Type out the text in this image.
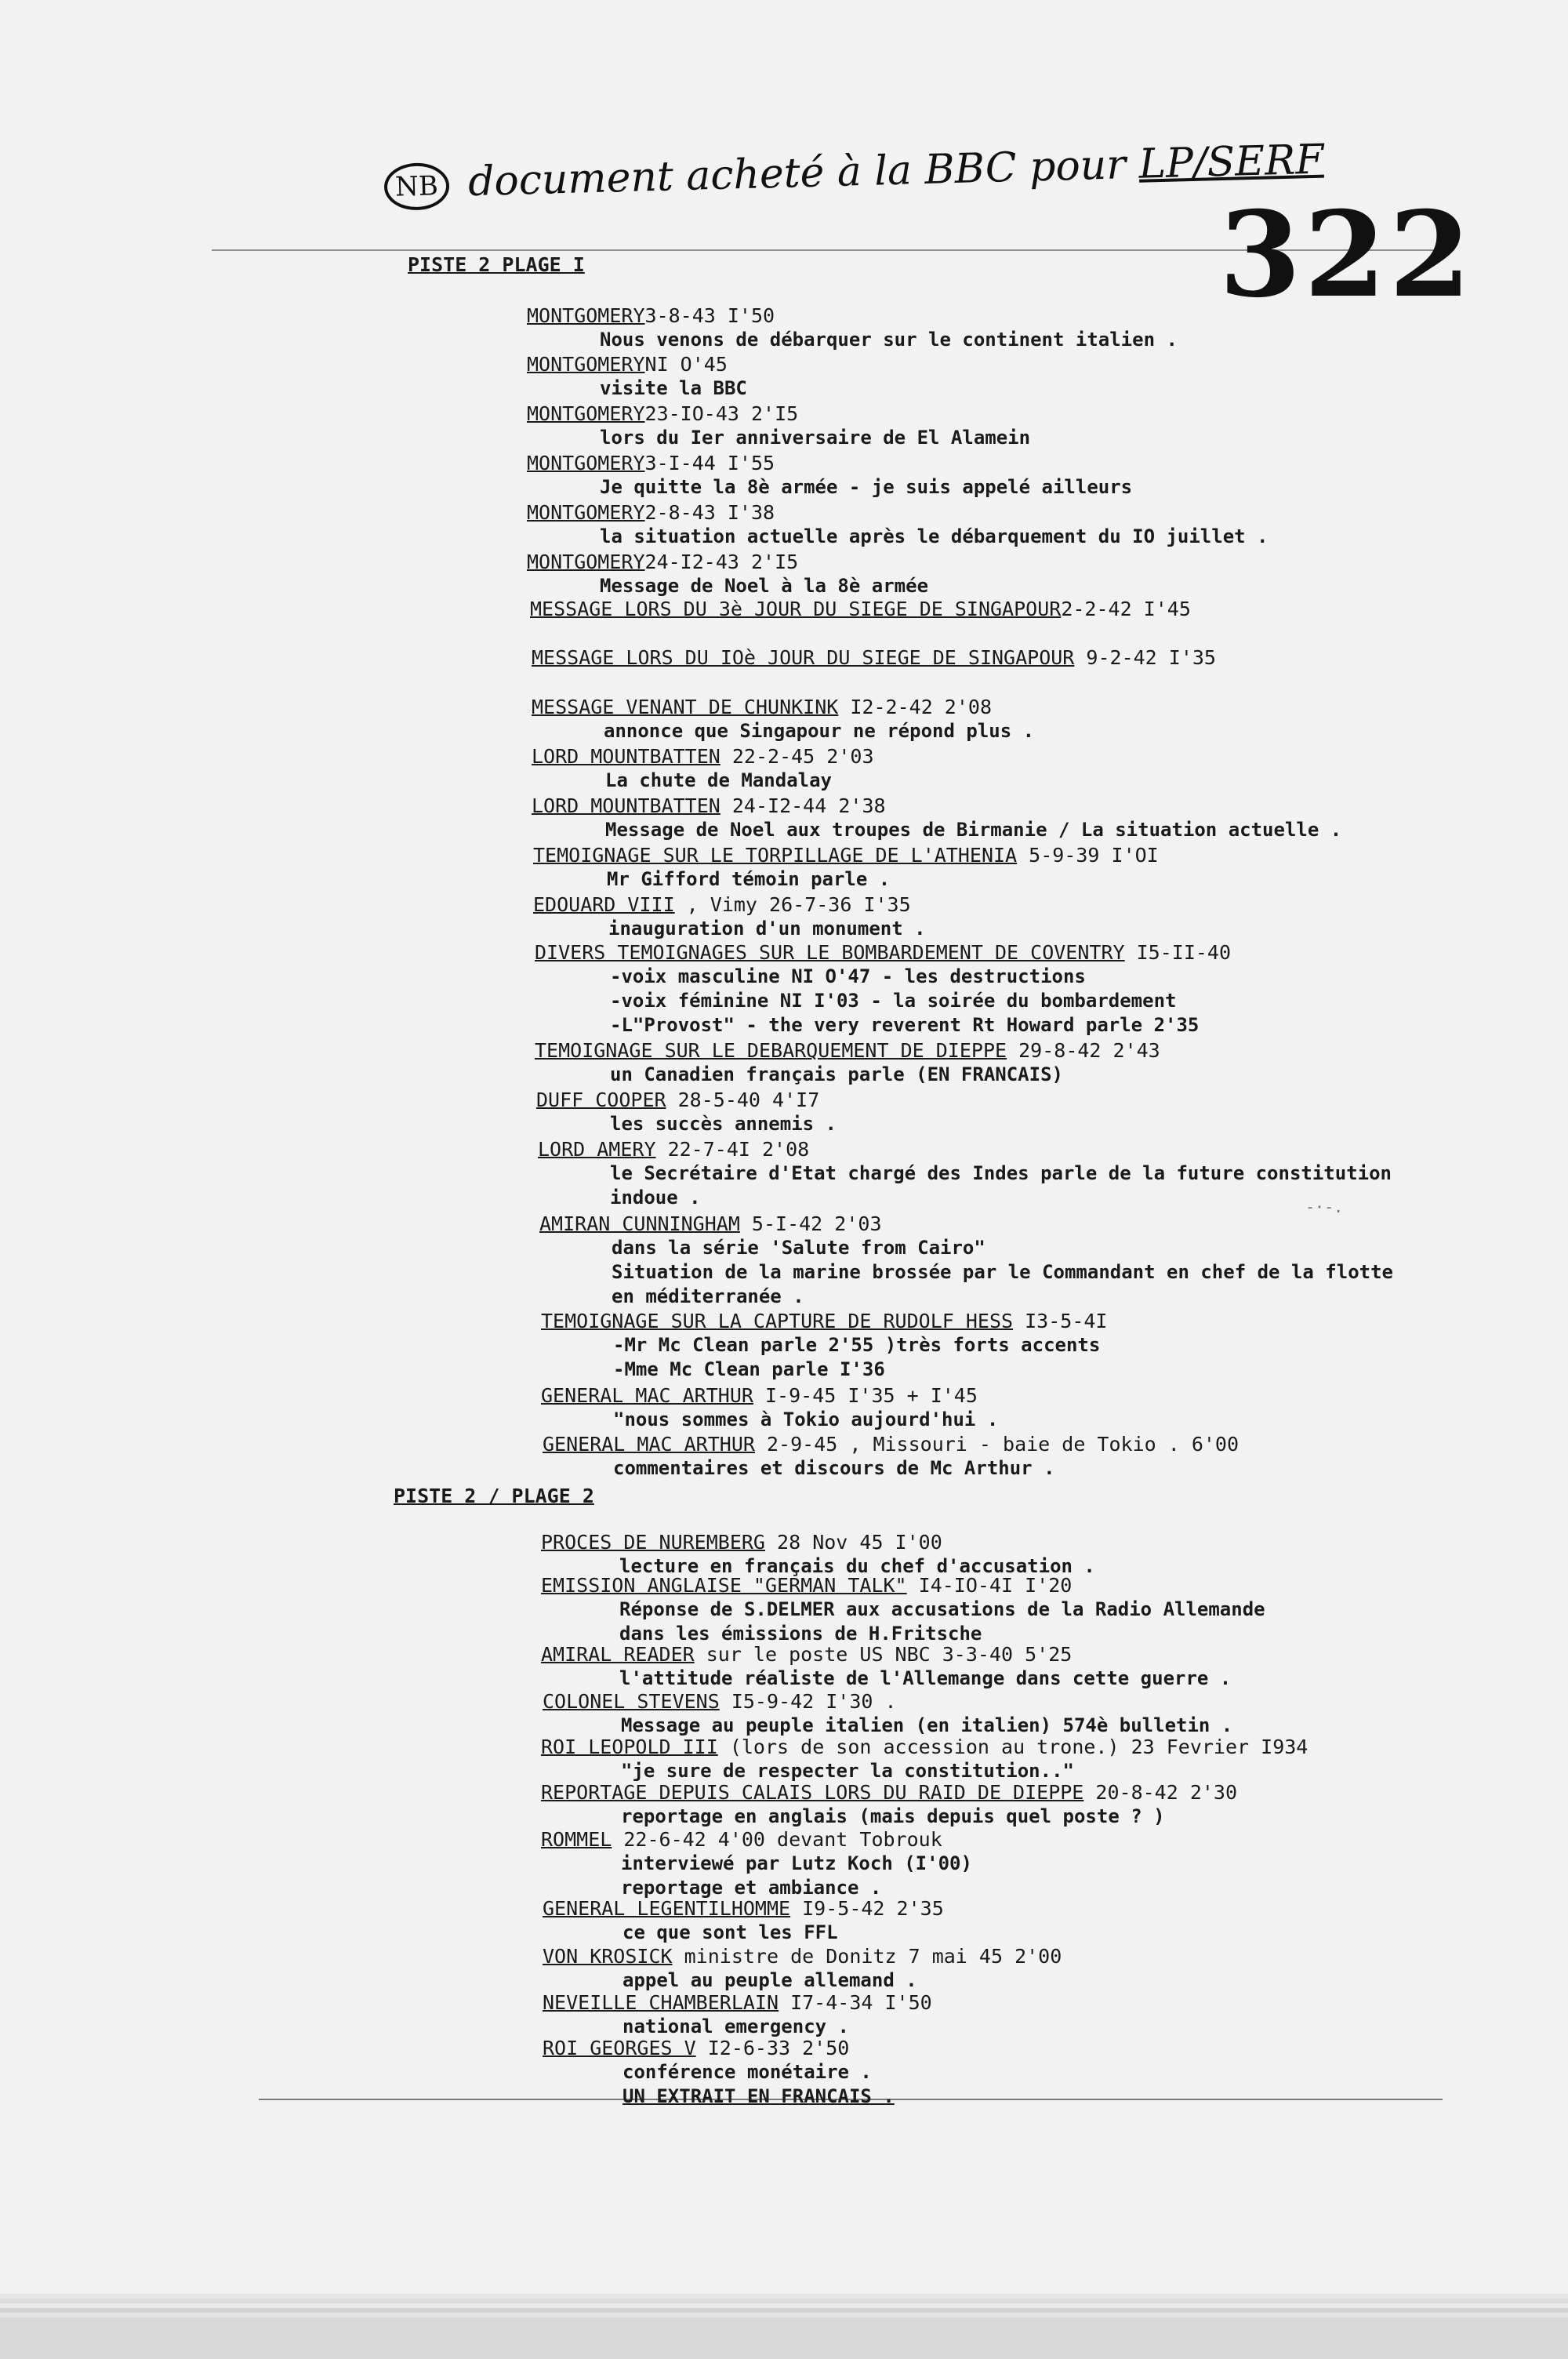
NB document acheté à la BBC pour LP/SERF
322
PISTE 2 PLAGE I
PISTE 2 / PLAGE 2
-·-.
MONTGOMERY3-8-43 I'50
Nous venons de débarquer sur le continent italien .
MONTGOMERYNI O'45
visite la BBC
MONTGOMERY23-IO-43 2'I5
lors du Ier anniversaire de El Alamein
MONTGOMERY3-I-44 I'55
Je quitte la 8è armée - je suis appelé ailleurs
MONTGOMERY2-8-43 I'38
la situation actuelle après le débarquement du IO juillet .
MONTGOMERY24-I2-43 2'I5
Message de Noel à la 8è armée
MESSAGE LORS DU 3è JOUR DU SIEGE DE SINGAPOUR2-2-42 I'45
MESSAGE LORS DU IOè JOUR DU SIEGE DE SINGAPOUR 9-2-42 I'35
MESSAGE VENANT DE CHUNKINK I2-2-42 2'08
annonce que Singapour ne répond plus .
LORD MOUNTBATTEN 22-2-45 2'03
La chute de Mandalay
LORD MOUNTBATTEN 24-I2-44 2'38
Message de Noel aux troupes de Birmanie / La situation actuelle .
TEMOIGNAGE SUR LE TORPILLAGE DE L'ATHENIA 5-9-39 I'OI
Mr Gifford témoin parle .
EDOUARD VIII , Vimy 26-7-36 I'35
inauguration d'un monument .
DIVERS TEMOIGNAGES SUR LE BOMBARDEMENT DE COVENTRY I5-II-40
-voix masculine NI O'47 - les destructions
-voix féminine NI I'03 - la soirée du bombardement
-L"Provost" - the very reverent Rt Howard parle 2'35
TEMOIGNAGE SUR LE DEBARQUEMENT DE DIEPPE 29-8-42 2'43
un Canadien français parle (EN FRANCAIS)
DUFF COOPER 28-5-40 4'I7
les succès annemis .
LORD AMERY 22-7-4I 2'08
le Secrétaire d'Etat chargé des Indes parle de la future constitution
indoue .
AMIRAN CUNNINGHAM 5-I-42 2'03
dans la série 'Salute from Cairo"
Situation de la marine brossée par le Commandant en chef de la flotte
en méditerranée .
TEMOIGNAGE SUR LA CAPTURE DE RUDOLF HESS I3-5-4I
-Mr Mc Clean parle 2'55 )très forts accents
-Mme Mc Clean parle I'36
GENERAL MAC ARTHUR I-9-45 I'35 + I'45
"nous sommes à Tokio aujourd'hui .
GENERAL MAC ARTHUR 2-9-45 , Missouri - baie de Tokio . 6'00
commentaires et discours de Mc Arthur .
PROCES DE NUREMBERG 28 Nov 45 I'00
lecture en français du chef d'accusation .
EMISSION ANGLAISE "GERMAN TALK" I4-IO-4I I'20
Réponse de S.DELMER aux accusations de la Radio Allemande
dans les émissions de H.Fritsche
AMIRAL READER sur le poste US NBC 3-3-40 5'25
l'attitude réaliste de l'Allemange dans cette guerre .
COLONEL STEVENS I5-9-42 I'30 .
Message au peuple italien (en italien) 574è bulletin .
ROI LEOPOLD III (lors de son accession au trone.) 23 Fevrier I934
"je sure de respecter la constitution.."
REPORTAGE DEPUIS CALAIS LORS DU RAID DE DIEPPE 20-8-42 2'30
reportage en anglais (mais depuis quel poste ? )
ROMMEL 22-6-42 4'00 devant Tobrouk
interviewé par Lutz Koch (I'00)
reportage et ambiance .
GENERAL LEGENTILHOMME I9-5-42 2'35
ce que sont les FFL
VON KROSICK ministre de Donitz 7 mai 45 2'00
appel au peuple allemand .
NEVEILLE CHAMBERLAIN I7-4-34 I'50
national emergency .
ROI GEORGES V I2-6-33 2'50
conférence monétaire .
UN EXTRAIT EN FRANCAIS .
